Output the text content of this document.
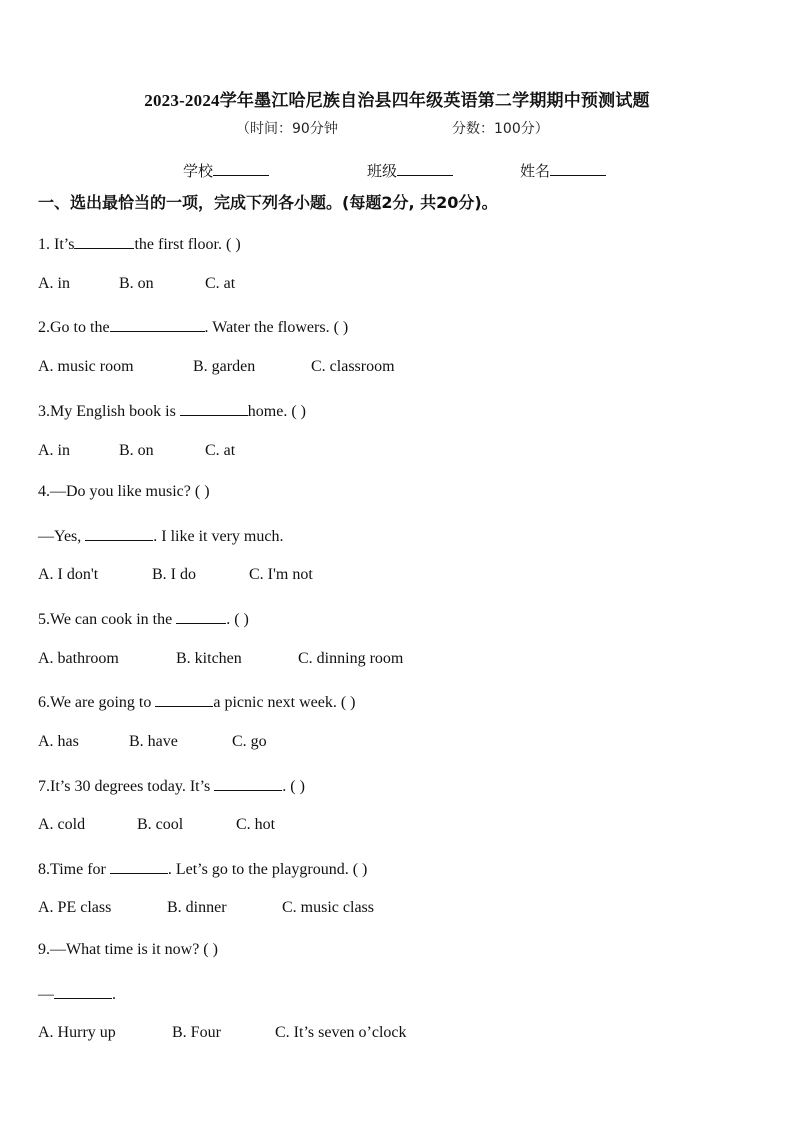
2023-2024学年墨江哈尼族自治县四年级英语第二学期期中预测试题
（时间：90分钟	分数：100分）
学校	班级	姓名
一、选出最恰当的一项，完成下列各小题。(每题2分, 共20分)。
1. It’s	the first floor. ( )
A. in	B. on	C. at
2.Go to the	. Water the flowers. ( )
A. music room	B. garden	C. classroom
3.My English book is	home. ( )
A. in	B. on	C. at
4.—Do you like music? ( )
—Yes,	. I like it very much.
A. I don't	B. I do	C. I'm not
5.We can cook in the	. ( )
A. bathroom	B. kitchen	C. dinning room
6.We are going to	a picnic next week. ( )
A. has	B. have	C. go
7.It’s 30 degrees today. It’s	. ( )
A. cold	B. cool	C. hot
8.Time for	. Let’s go to the playground. ( )
A. PE class	B. dinner	C. music class
9.—What time is it now? ( )
—	.
A. Hurry up	B. Four	C. It’s seven o’clock
